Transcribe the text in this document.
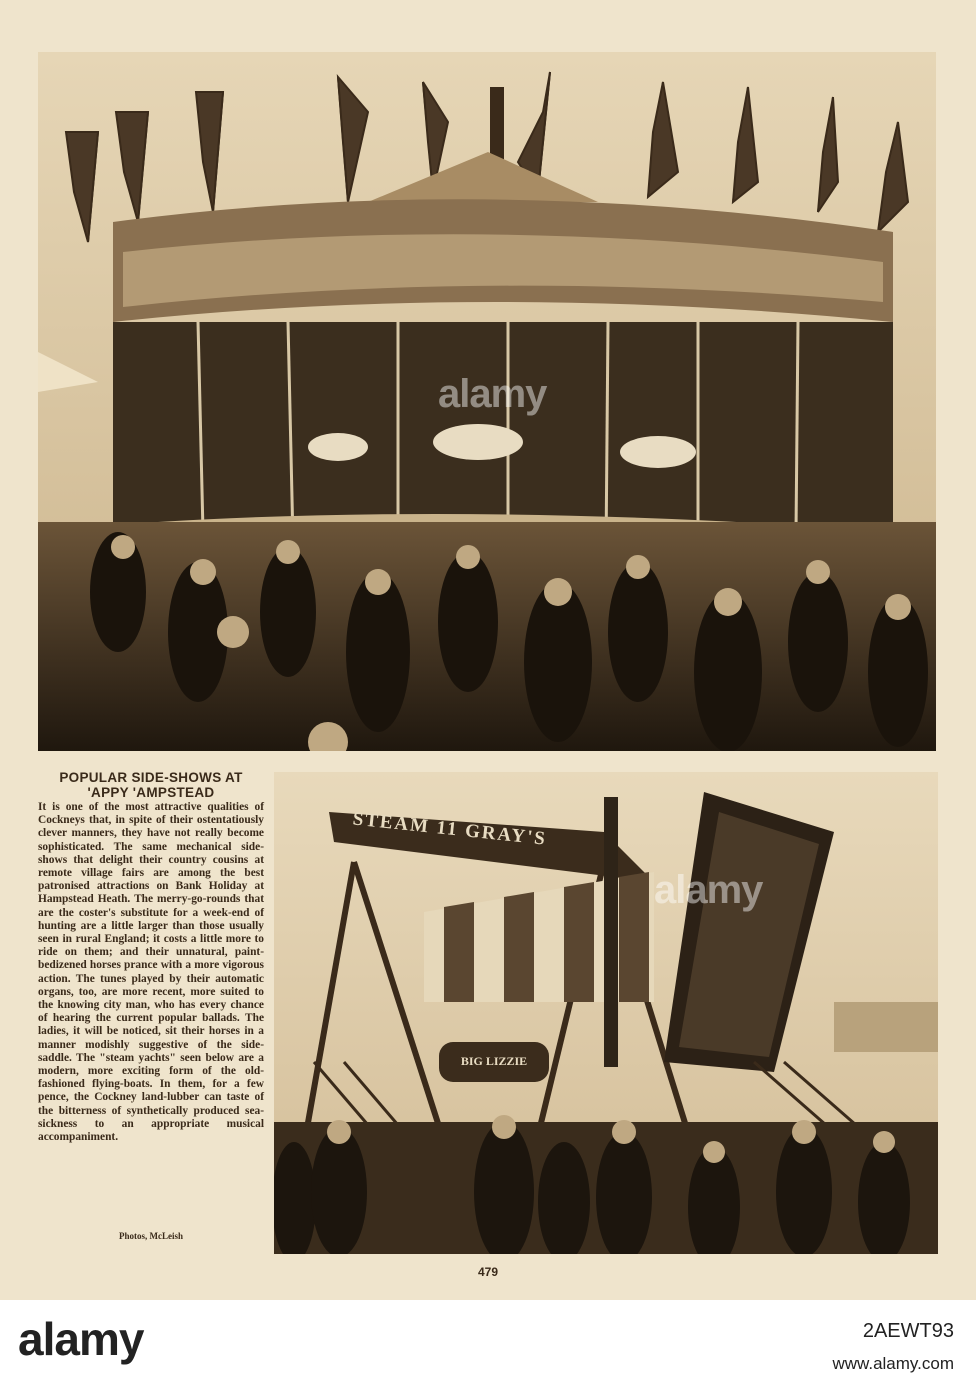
alamy
STEAM 11 GRAY'S
BIG LIZZIE
alamy
POPULAR SIDE-SHOWS AT
'APPY 'AMPSTEAD
It is one of the most attractive qualities of Cockneys that, in spite of their ostentatiously clever manners, they have not really become sophisticated. The same mechanical side-shows that delight their country cousins at remote village fairs are among the best patronised attractions on Bank Holiday at Hampstead Heath. The merry-go-rounds that are the coster's substitute for a week-end of hunting are a little larger than those usually seen in rural England; it costs a little more to ride on them; and their unnatural, paint-bedizened horses prance with a more vigorous action. The tunes played by their automatic organs, too, are more recent, more suited to the knowing city man, who has every chance of hearing the current popular ballads. The ladies, it will be noticed, sit their horses in a manner modishly suggestive of the side-saddle. The "steam yachts" seen below are a modern, more exciting form of the old-fashioned flying-boats. In them, for a few pence, the Cockney land-lubber can taste of the bitterness of synthetically produced sea-sickness to an appropriate musical accompaniment.
Photos, McLeish
479
alamy	2AEWT93
www.alamy.com
